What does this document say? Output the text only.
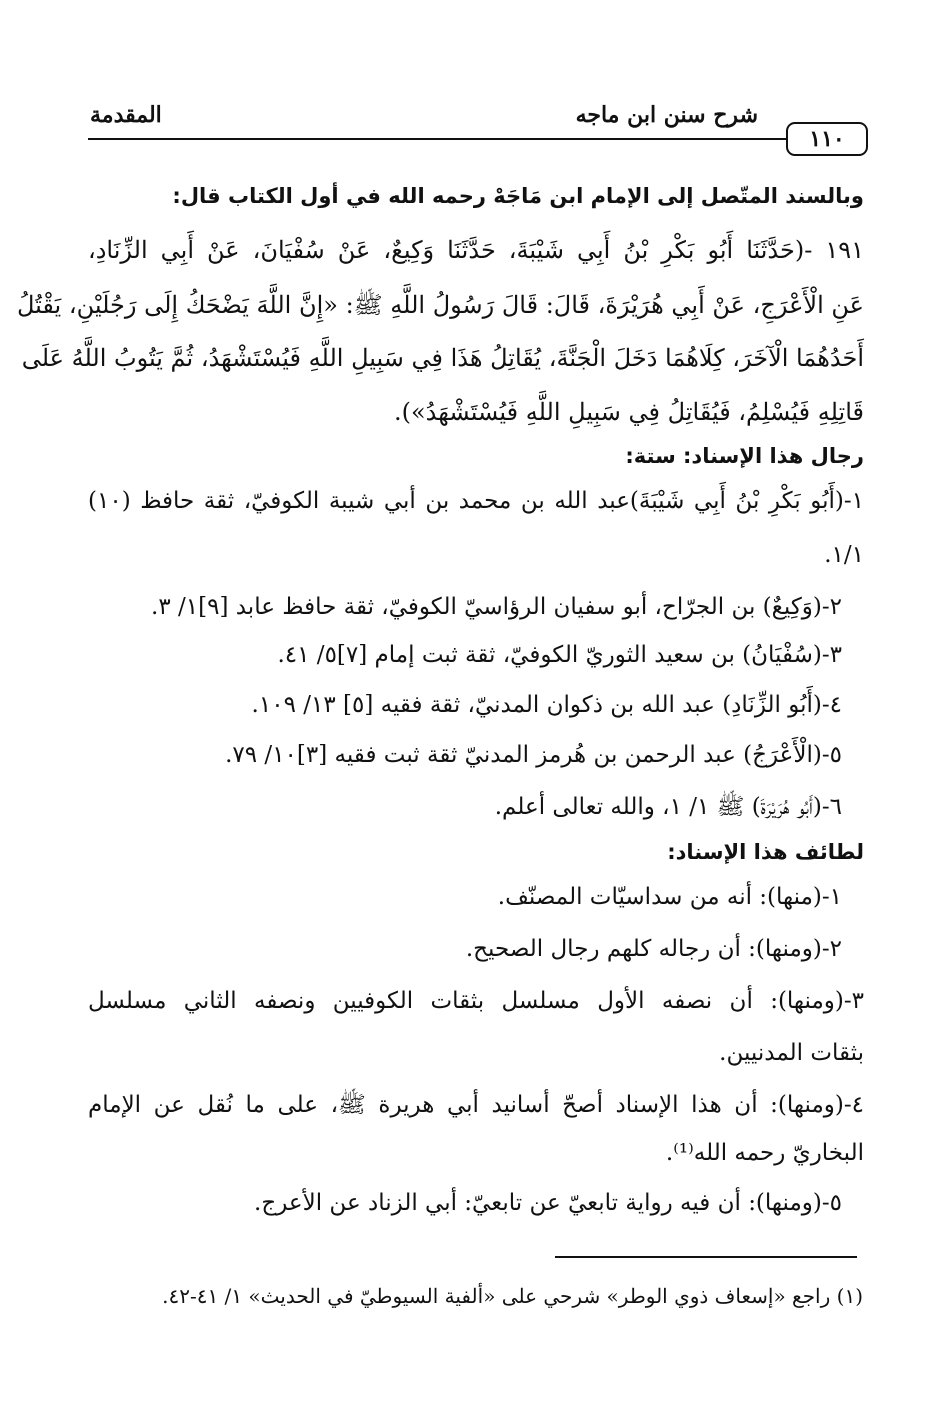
شرح سنن ابن ماجه
المقدمة
١١٠
وبالسند المتّصل إلى الإمام ابن مَاجَهْ رحمه الله في أول الكتاب قال:
١٩١ -(حَدَّثَنَا أَبُو بَكْرِ بْنُ أَبِي شَيْبَةَ، حَدَّثَنَا وَكِيعٌ، عَنْ سُفْيَانَ، عَنْ أَبِي الزِّنَادِ،
عَنِ الْأَعْرَجِ، عَنْ أَبِي هُرَيْرَةَ، قَالَ: قَالَ رَسُولُ اللَّهِ ﷺ: «إِنَّ اللَّهَ يَضْحَكُ إِلَى رَجُلَيْنِ، يَقْتُلُ
أَحَدُهُمَا الْآخَرَ، كِلَاهُمَا دَخَلَ الْجَنَّةَ، يُقَاتِلُ هَذَا فِي سَبِيلِ اللَّهِ فَيُسْتَشْهَدُ، ثُمَّ يَتُوبُ اللَّهُ عَلَى
قَاتِلِهِ فَيُسْلِمُ، فَيُقَاتِلُ فِي سَبِيلِ اللَّهِ فَيُسْتَشْهَدُ»).
رجال هذا الإسناد: ستة:
١-(أَبُو بَكْرِ بْنُ أَبِي شَيْبَةَ)عبد الله بن محمد بن أبي شيبة الكوفيّ، ثقة حافظ (١٠)
١/١.
٢-(وَكِيعٌ) بن الجرّاح، أبو سفيان الرؤاسيّ الكوفيّ، ثقة حافظ عابد [٩]١/ ٣.
٣-(سُفْيَانُ) بن سعيد الثوريّ الكوفيّ، ثقة ثبت إمام [٧]٥/ ٤١.
٤-(أَبُو الزِّنَادِ) عبد الله بن ذكوان المدنيّ، ثقة فقيه [٥] ١٣/ ١٠٩.
٥-(الْأَعْرَجُ) عبد الرحمن بن هُرمز المدنيّ ثقة ثبت فقيه [٣]١٠/ ٧٩.
٦-(أَبُو هُرَيْرَةَ) ﷺ ١/ ١، والله تعالى أعلم.
لطائف هذا الإسناد:
١-(منها): أنه من سداسيّات المصنّف.
٢-(ومنها): أن رجاله كلهم رجال الصحيح.
٣-(ومنها): أن نصفه الأول مسلسل بثقات الكوفيين ونصفه الثاني مسلسل
بثقات المدنيين.
٤-(ومنها): أن هذا الإسناد أصحّ أسانيد أبي هريرة ﷺ، على ما نُقل عن الإمام
البخاريّ رحمه الله⁽¹⁾.
٥-(ومنها): أن فيه رواية تابعيّ عن تابعيّ: أبي الزناد عن الأعرج.
(١) راجع «إسعاف ذوي الوطر» شرحي على «ألفية السيوطيّ في الحديث» ١/ ٤١-٤٢.
